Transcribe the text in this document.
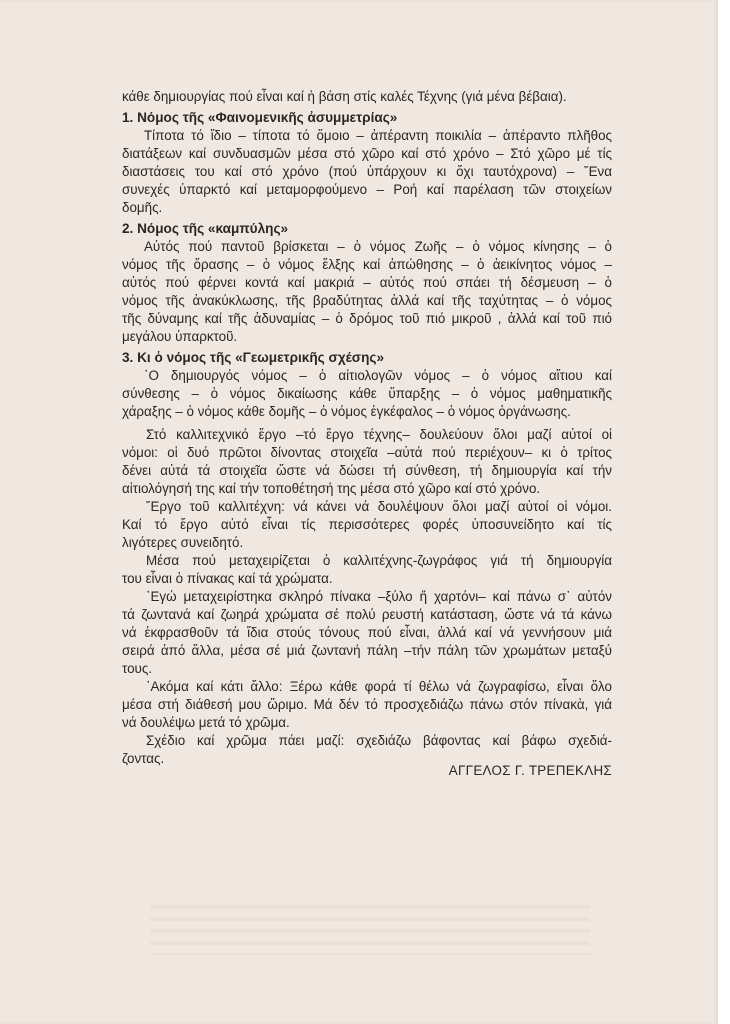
κάθε δημιουργίας πού εἶναι καί ἡ βάση στίς καλές Τέχνης (γιά μένα βέβαια).
1. Νόμος τῆς «Φαινομενικῆς ἀσυμμετρίας»
Τίποτα τό ἴδιο – τίποτα τό ὅμοιο – ἀπέραντη ποικιλία – ἀπέραντο πλῆθος
διατάξεων καί συνδυασμῶν μέσα στό χῶρο καί στό χρόνο – Στό χῶρο μέ τίς
διαστάσεις του καί στό χρόνο (πού ὑπάρχουν κι ὄχι ταυτόχρονα) – ῞Ενα
συνεχές ὑπαρκτό καί μεταμορφούμενο – Ροή καί παρέλαση τῶν στοιχείων
δομῆς.
2. Νόμος τῆς «καμπύλης»
Αὐτός πού παντοῦ βρίσκεται – ὁ νόμος Ζωῆς – ὁ νόμος κίνησης – ὁ
νόμος τῆς ὅρασης – ὁ νόμος ἕλξης καί ἀπώθησης – ὁ ἀεικίνητος νόμος –
αὐτός πού φέρνει κοντά καί μακριά – αὐτός πού σπάει τή δέσμευση – ὁ
νόμος τῆς ἀνακύκλωσης, τῆς βραδύτητας ἀλλά καί τῆς ταχύτητας – ὁ νόμος
τῆς δύναμης καί τῆς ἀδυναμίας – ὁ δρόμος τοῦ πιό μικροῦ , ἀλλά καί τοῦ πιό
μεγάλου ὑπαρκτοῦ.
3. Κι ὁ νόμος τῆς «Γεωμετρικῆς σχέσης»
῾Ο δημιουργός νόμος – ὁ αἰτιολογῶν νόμος – ὁ νόμος αἴτιου καί
σύνθεσης – ὁ νόμος δικαίωσης κάθε ὕπαρξης – ὁ νόμος μαθηματικῆς
χάραξης – ὁ νόμος κάθε δομῆς – ὁ νόμος ἐγκέφαλος – ὁ νόμος ὀργάνωσης.
Στό καλλιτεχνικό ἔργο –τό ἔργο τέχνης– δουλεύουν ὅλοι μαζί αὐτοί οἱ
νόμοι: οἱ δυό πρῶτοι δίνοντας στοιχεῖα –αὐτά πού περιέχουν– κι ὁ τρίτος
δένει αὐτά τά στοιχεῖα ὥστε νά δώσει τή σύνθεση, τή δημιουργία καί τήν
αἰτιολόγησή της καί τήν τοποθέτησή της μέσα στό χῶρο καί στό χρόνο.
῎Εργο τοῦ καλλιτέχνη: νά κάνει νά δουλέψουν ὅλοι μαζί αὐτοί οἱ νόμοι.
Καί τό ἔργο αὐτό εἶναι τίς περισσότερες φορές ὑποσυνείδητο καί τίς
λιγότερες συνειδητό.
Μέσα πού μεταχειρίζεται ὁ καλλιτέχνης-ζωγράφος γιά τή δημιουργία
του εἶναι ὁ πίνακας καί τά χρώματα.
᾿Εγώ μεταχειρίστηκα σκληρό πίνακα –ξύλο ἤ χαρτόνι– καί πάνω σ᾿ αὐτόν
τά ζωντανά καί ζωηρά χρώματα σέ πολύ ρευστή κατάσταση, ὥστε νά τά κάνω
νά ἐκφρασθοῦν τά ἴδια στούς τόνους πού εἶναι, ἀλλά καί νά γεννήσουν μιά
σειρά ἀπό ἄλλα, μέσα σέ μιά ζωντανή πάλη –τήν πάλη τῶν χρωμάτων μεταξύ
τους.
᾿Ακόμα καί κάτι ἄλλο: Ξέρω κάθε φορά τί θέλω νά ζωγραφίσω, εἶναι ὅλο
μέσα στή διάθεσή μου ὥριμο. Μά δέν τό προσχεδιάζω πάνω στόν πίνακὰ, γιά
νά δουλέψω μετά τό χρῶμα.
Σχέδιο καί χρῶμα πάει μαζί: σχεδιάζω βάφοντας καί βάφω σχεδιά-
ζοντας.
ΑΓΓΕΛΟΣ Γ. ΤΡΕΠΕΚΛΗΣ
